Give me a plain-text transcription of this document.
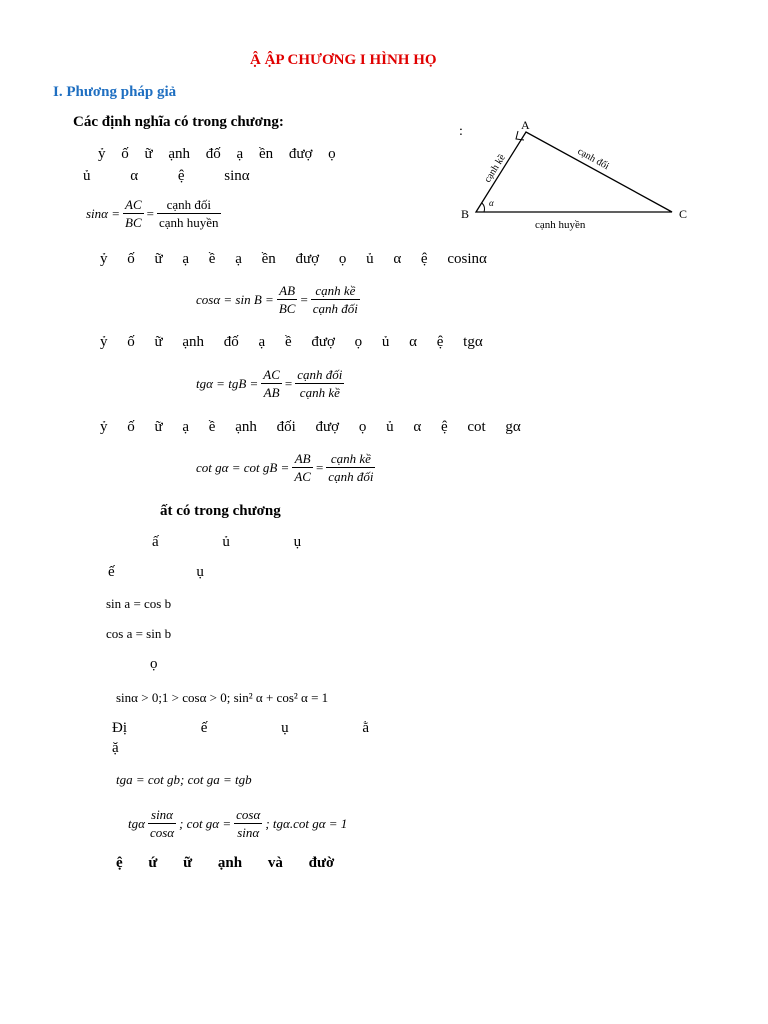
Ậ ẬP CHƯƠNG I HÌNH HỌ
I. Phương pháp giả
Các định nghĩa có trong chương:
ỷ ố ữ ạnh đố ạ ền đượ ọ
ủ α ệ sinα
$\sin\alpha = \frac{AC}{BC} = \frac{\text{cạnh đối}}{\text{cạnh huyền}}$
ỷ ố ữ ạ ề ạ ền đượ ọ ủ α ệ cosinα
$\cos\alpha = \sin B = \frac{AB}{BC} = \frac{\text{cạnh kề}}{\text{cạnh đối}}$
ỷ ố ữ ạnh đố ạ ề đượ ọ ủ α ệ tgα
tgα = tgB = $\frac{AC}{AB} = \frac{\text{cạnh đối}}{\text{cạnh kề}}$
ỷ ố ữ ạ ề ạnh đối đượ ọ ủ α ệ cot gα
cot gα = cot gB = $\frac{AB}{AC} = \frac{\text{cạnh kề}}{\text{cạnh đối}}$
ất có trong chương
ấ ủ ụ
ế ụ
sin a = cos b
cos a = sin b
ọ
sinα > 0;1 > cosα > 0; sin² α + cos² α = 1
Đị ế ụ ằ
ặ
tga = cot gb; cot ga = tgb
tgα $\frac{\sin\alpha}{\cos\alpha}$ ; $\cot g\alpha = \frac{\cos\alpha}{\sin\alpha}$ ; tgα.cot gα = 1
ệ ứ ữ ạnh và đườ
:
α
A
B	C
cạnh kề	cạnh đối
cạnh huyền
